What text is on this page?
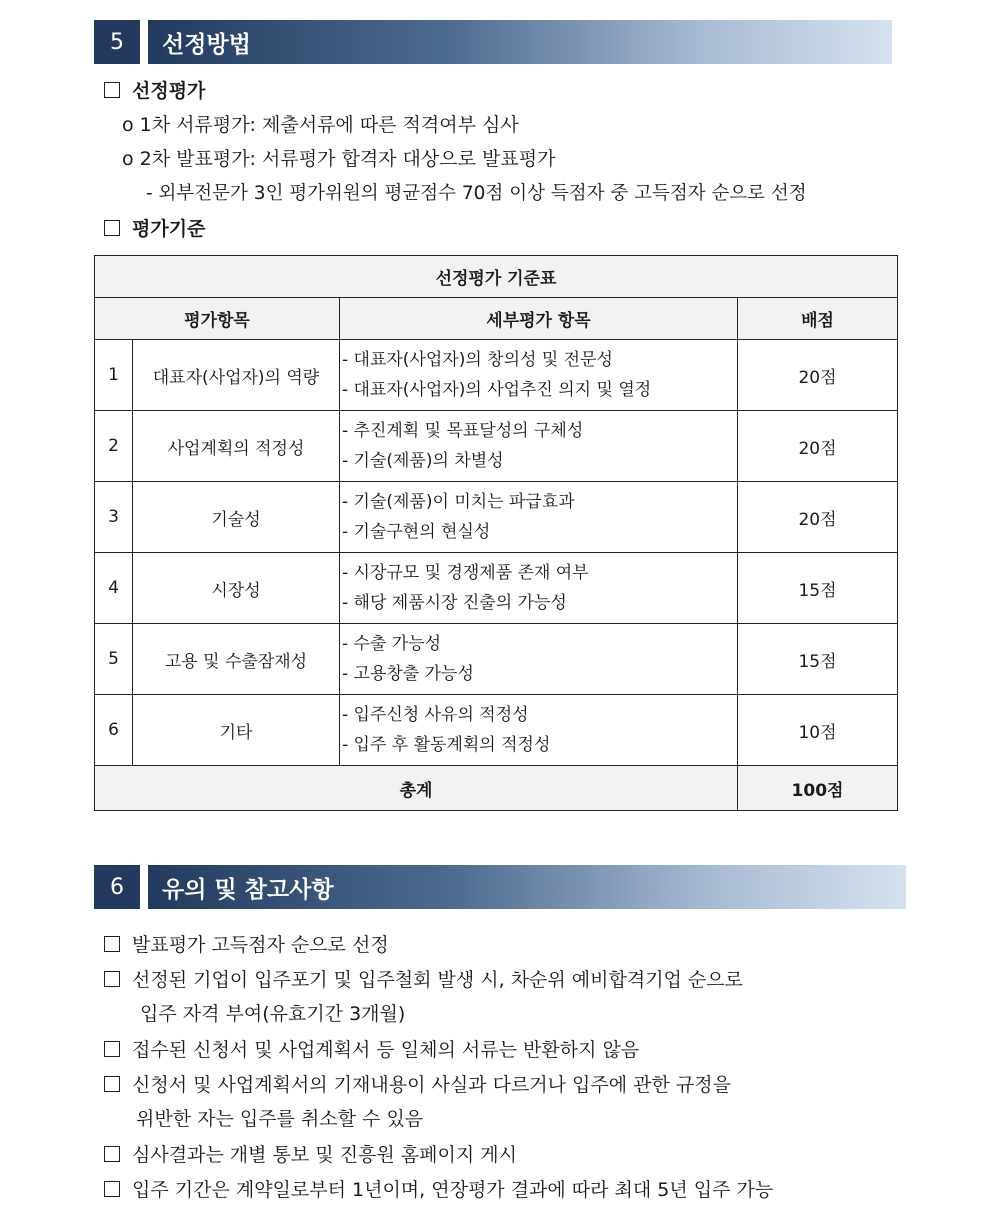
5	선정방법
선정평가
o 1차 서류평가: 제출서류에 따른 적격여부 심사
o 2차 발표평가: 서류평가 합격자 대상으로 발표평가
- 외부전문가 3인 평가위원의 평균점수 70점 이상 득점자 중 고득점자 순으로 선정
평가기준
선정평가 기준표			
평가항목		세부평가 항목	배점
1	대표자(사업자)의 역량	- 대표자(사업자)의 창의성 및 전문성
- 대표자(사업자)의 사업추진 의지 및 열정	20점
2	사업계획의 적정성	- 추진계획 및 목표달성의 구체성
- 기술(제품)의 차별성	20점
3	기술성	- 기술(제품)이 미치는 파급효과
- 기술구현의 현실성	20점
4	시장성	- 시장규모 및 경쟁제품 존재 여부
- 해당 제품시장 진출의 가능성	15점
5	고용 및 수출잠재성	- 수출 가능성
- 고용창출 가능성	15점
6	기타	- 입주신청 사유의 적정성
- 입주 후 활동계획의 적정성	10점
총계			100점
6	유의 및 참고사항
발표평가 고득점자 순으로 선정
선정된 기업이 입주포기 및 입주철회 발생 시, 차순위 예비합격기업 순으로
입주 자격 부여(유효기간 3개월)
접수된 신청서 및 사업계획서 등 일체의 서류는 반환하지 않음
신청서 및 사업계획서의 기재내용이 사실과 다르거나 입주에 관한 규정을
위반한 자는 입주를 취소할 수 있음
심사결과는 개별 통보 및 진흥원 홈페이지 게시
입주 기간은 계약일로부터 1년이며, 연장평가 결과에 따라 최대 5년 입주 가능
